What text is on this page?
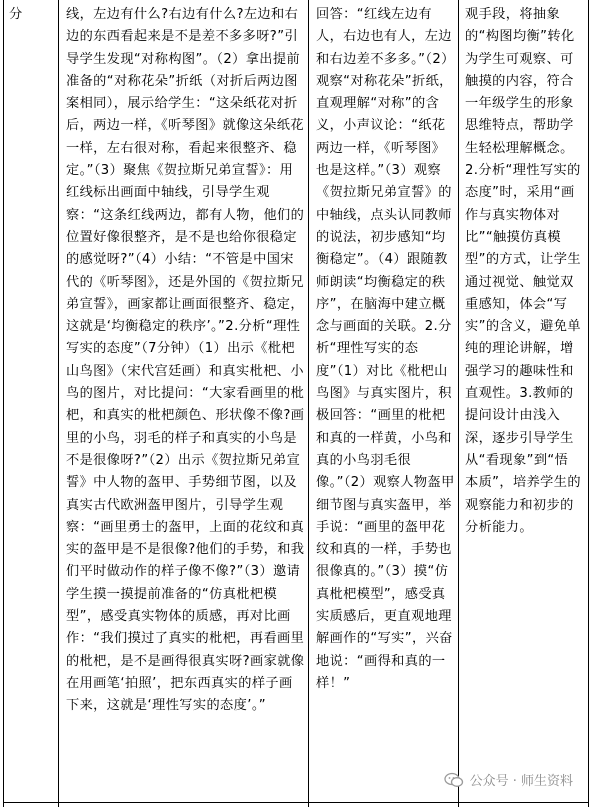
分	线，左边有什么?右边有什么?左边和右边的东西看起来是不是差不多多呀?”引导学生发现“对称构图”。（2）拿出提前准备的“对称花朵”折纸（对折后两边图案相同），展示给学生：“这朵纸花对折后，两边一样，《听琴图》就像这朵纸花一样，左右很对称，看起来很整齐、稳定。”（3）聚焦《贺拉斯兄弟宣誓》：用红线标出画面中轴线，引导学生观察：“这条红线两边，都有人物，他们的位置好像很整齐，是不是也给你很稳定的感觉呀?”（4）小结：“不管是中国宋代的《听琴图》，还是外国的《贺拉斯兄弟宣誓》，画家都让画面很整齐、稳定，这就是‘均衡稳定的秩序’。”2.分析“理性写实的态度”（7分钟）（1）出示《枇杷山鸟图》（宋代宫廷画）和真实枇杷、小鸟的图片，对比提问：“大家看画里的枇杷，和真实的枇杷颜色、形状像不像?画里的小鸟，羽毛的样子和真实的小鸟是不是很像呀?”（2）出示《贺拉斯兄弟宣誓》中人物的盔甲、手势细节图，以及真实古代欧洲盔甲图片，引导学生观察：“画里勇士的盔甲，上面的花纹和真实的盔甲是不是很像?他们的手势，和我们平时做动作的样子像不像?”（3）邀请学生摸一摸提前准备的“仿真枇杷模型”，感受真实物体的质感，再对比画作：“我们摸过了真实的枇杷，再看画里的枇杷，是不是画得很真实呀?画家就像在用画笔‘拍照’，把东西真实的样子画下来，这就是‘理性写实的态度’。”
回答：“红线左边有人，右边也有人，左边和右边差不多多。”（2）观察“对称花朵”折纸，直观理解“对称”的含义，小声议论：“纸花两边一样，《听琴图》也是这样。”（3）观察《贺拉斯兄弟宣誓》的中轴线，点头认同教师的说法，初步感知“均衡稳定”。（4）跟随教师朗读“均衡稳定的秩序”，在脑海中建立概念与画面的关联。2.分析“理性写实的态度”（1）对比《枇杷山鸟图》与真实图片，积极回答：“画里的枇杷和真的一样黄，小鸟和真的小鸟羽毛很像。”（2）观察人物盔甲细节图与真实盔甲，举手说：“画里的盔甲花纹和真的一样，手势也很像真的。”（3）摸“仿真枇杷模型”，感受真实质感后，更直观地理解画作的“写实”，兴奋地说：“画得和真的一样！”
观手段，将抽象的“构图均衡”转化为学生可观察、可触摸的内容，符合一年级学生的形象思维特点，帮助学生轻松理解概念。2.分析“理性写实的态度”时，采用“画作与真实物体对比”“触摸仿真模型”的方式，让学生通过视觉、触觉双重感知，体会“写实”的含义，避免单纯的理论讲解，增强学习的趣味性和直观性。3.教师的提问设计由浅入深，逐步引导学生从“看现象”到“悟本质”，培养学生的观察能力和初步的分析能力。
公众号 · 师生资料
